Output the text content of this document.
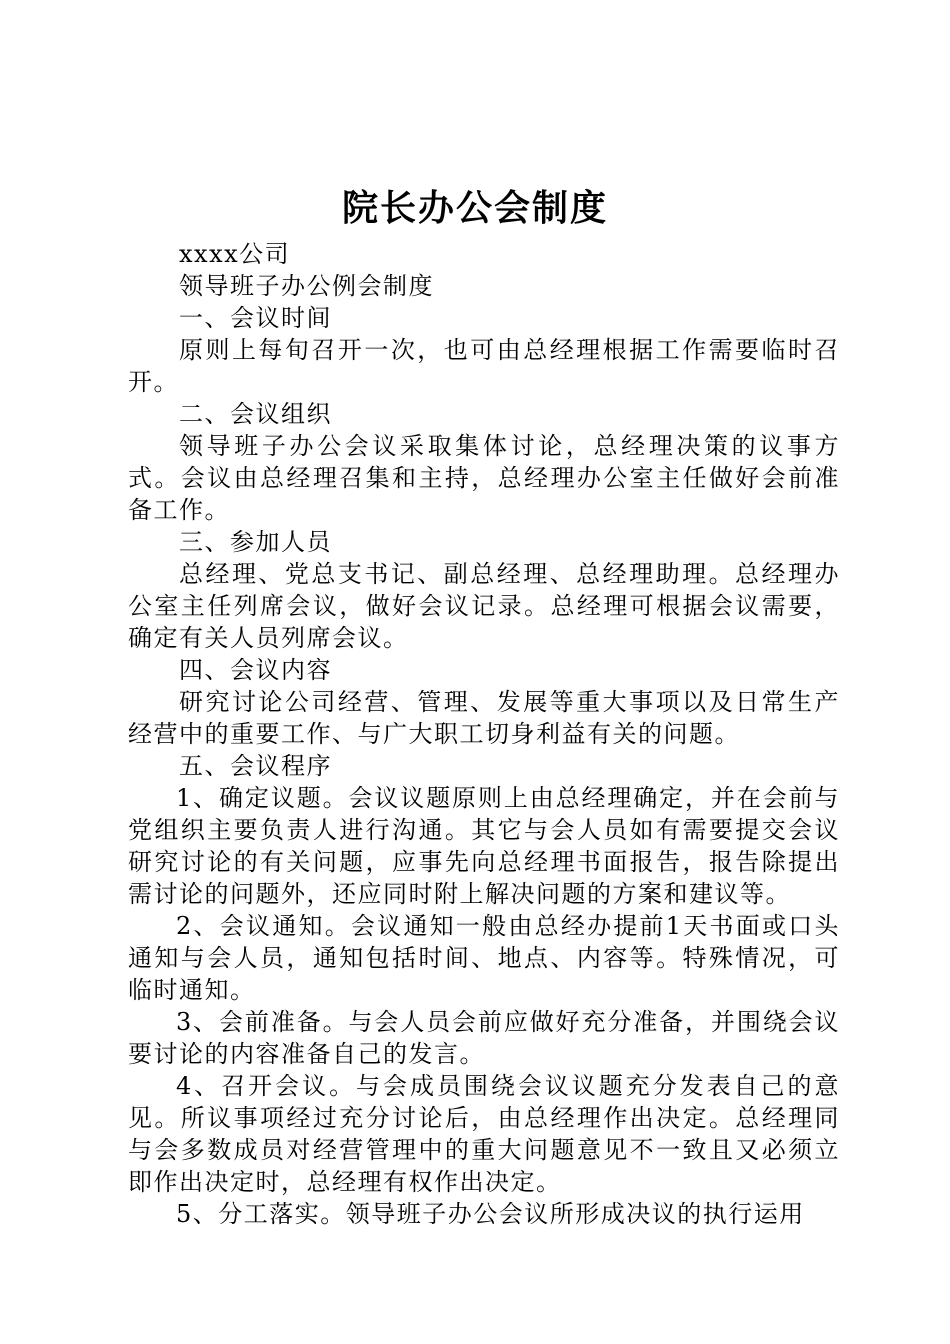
院长办公会制度

xxxx公司

领导班子办公例会制度

一、会议时间

原则上每旬召开一次，也可由总经理根据工作需要临时召开。

二、会议组织

领导班子办公会议采取集体讨论，总经理决策的议事方式。会议由总经理召集和主持，总经理办公室主任做好会前准备工作。

三、参加人员

总经理、党总支书记、副总经理、总经理助理。总经理办公室主任列席会议，做好会议记录。总经理可根据会议需要，确定有关人员列席会议。

四、会议内容

研究讨论公司经营、管理、发展等重大事项以及日常生产经营中的重要工作、与广大职工切身利益有关的问题。

五、会议程序

1、确定议题。会议议题原则上由总经理确定，并在会前与党组织主要负责人进行沟通。其它与会人员如有需要提交会议研究讨论的有关问题，应事先向总经理书面报告，报告除提出需讨论的问题外，还应同时附上解决问题的方案和建议等。

2、会议通知。会议通知一般由总经办提前1天书面或口头通知与会人员，通知包括时间、地点、内容等。特殊情况，可临时通知。

3、会前准备。与会人员会前应做好充分准备，并围绕会议要讨论的内容准备自己的发言。

4、召开会议。与会成员围绕会议议题充分发表自己的意见。所议事项经过充分讨论后，由总经理作出决定。总经理同与会多数成员对经营管理中的重大问题意见不一致且又必须立即作出决定时，总经理有权作出决定。

5、分工落实。领导班子办公会议所形成决议的执行运用
